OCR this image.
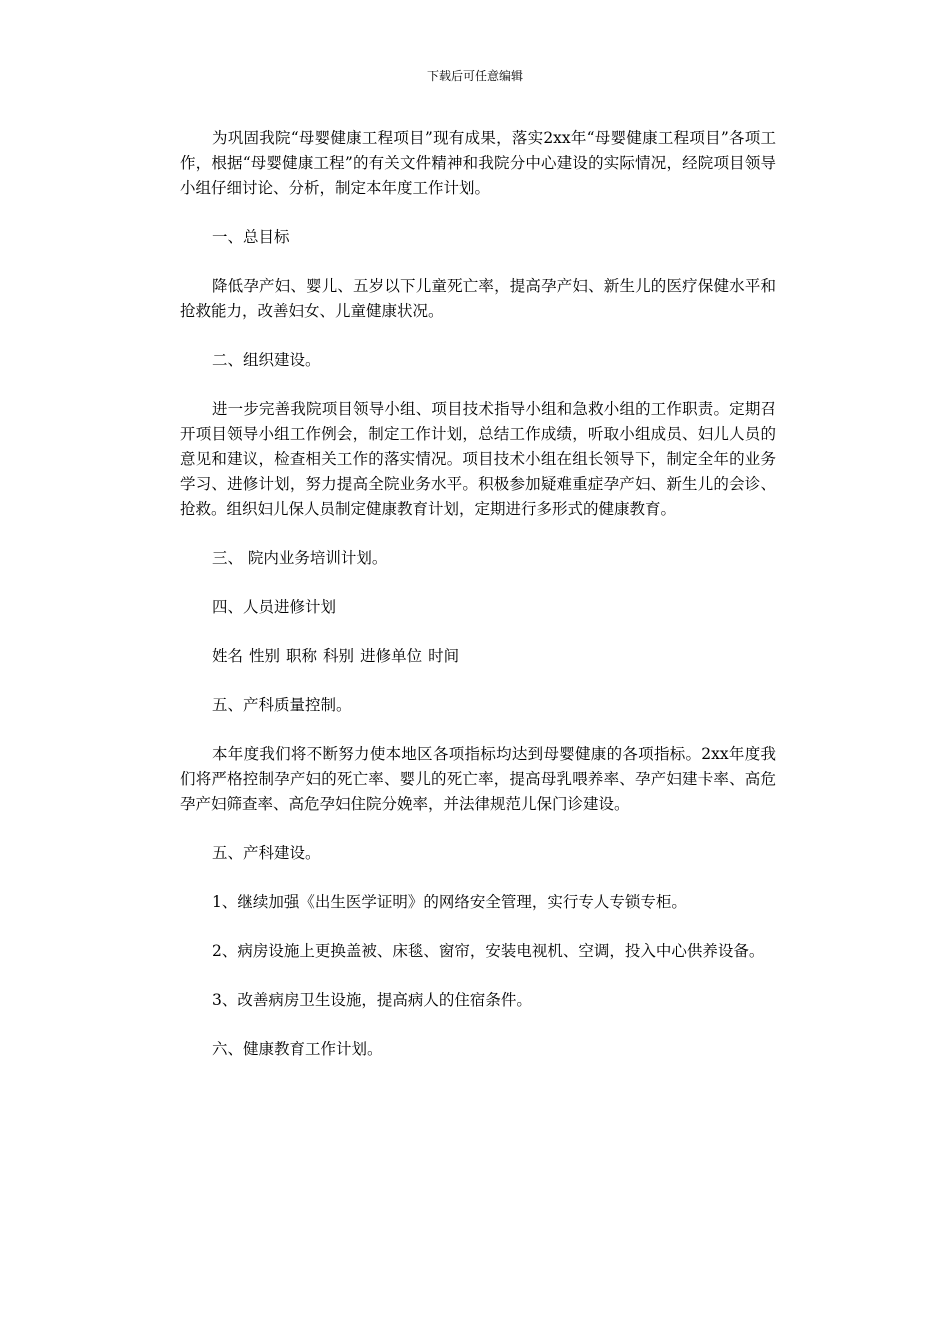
下载后可任意编辑

为巩固我院“母婴健康工程项目”现有成果，落实2xx年“母婴健康工程项目”各项工作，根据“母婴健康工程”的有关文件精神和我院分中心建设的实际情况，经院项目领导小组仔细讨论、分析，制定本年度工作计划。

一、总目标

降低孕产妇、婴儿、五岁以下儿童死亡率，提高孕产妇、新生儿的医疗保健水平和抢救能力，改善妇女、儿童健康状况。

二、组织建设。

进一步完善我院项目领导小组、项目技术指导小组和急救小组的工作职责。定期召开项目领导小组工作例会，制定工作计划，总结工作成绩，听取小组成员、妇儿人员的意见和建议，检查相关工作的落实情况。项目技术小组在组长领导下，制定全年的业务学习、进修计划，努力提高全院业务水平。积极参加疑难重症孕产妇、新生儿的会诊、抢救。组织妇儿保人员制定健康教育计划，定期进行多形式的健康教育。

三、 院内业务培训计划。

四、人员进修计划

姓名 性别 职称 科别 进修单位 时间

五、产科质量控制。

本年度我们将不断努力使本地区各项指标均达到母婴健康的各项指标。2xx年度我们将严格控制孕产妇的死亡率、婴儿的死亡率，提高母乳喂养率、孕产妇建卡率、高危孕产妇筛查率、高危孕妇住院分娩率，并法律规范儿保门诊建设。

五、产科建设。

1、继续加强《出生医学证明》的网络安全管理，实行专人专锁专柜。

2、病房设施上更换盖被、床毯、窗帘，安装电视机、空调，投入中心供养设备。

3、改善病房卫生设施，提高病人的住宿条件。

六、健康教育工作计划。
